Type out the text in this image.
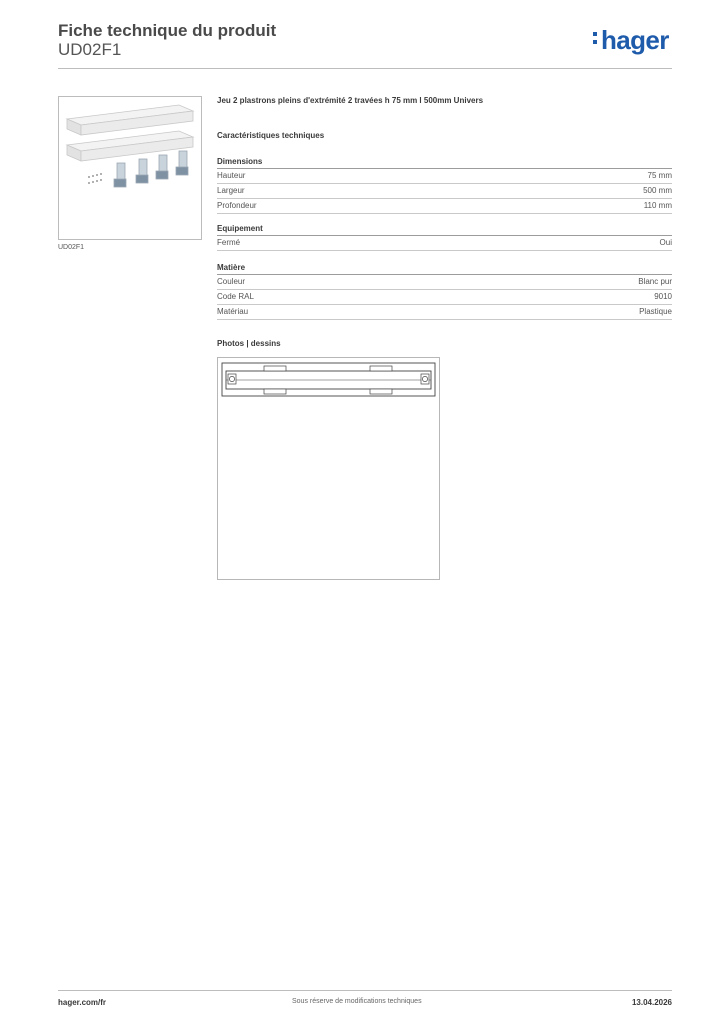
Fiche technique du produit
UD02F1	hager
UD02F1
Jeu 2 plastrons pleins d'extrémité 2 travées h 75 mm l 500mm Univers
Caractéristiques techniques
Dimensions
Hauteur	75 mm
Largeur	500 mm
Profondeur	110 mm
Equipement
Fermé	Oui
Matière
Couleur	Blanc pur
Code RAL	9010
Matériau	Plastique
Photos | dessins
hager.com/fr	Sous réserve de modifications techniques	13.04.2026
